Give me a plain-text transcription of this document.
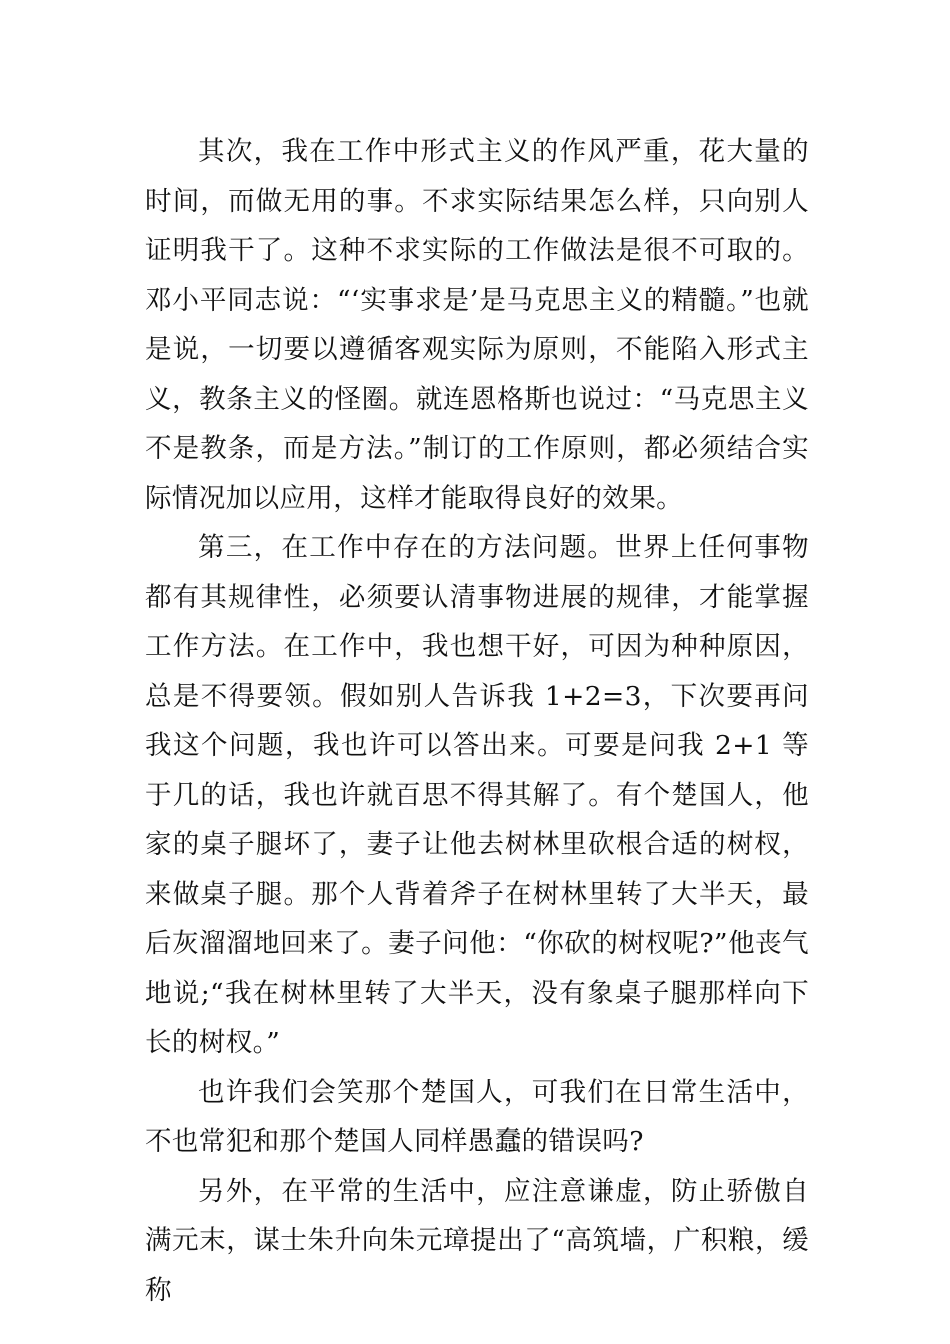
其次，我在工作中形式主义的作风严重，花大量的时间，而做无用的事。不求实际结果怎么样，只向别人证明我干了。这种不求实际的工作做法是很不可取的。邓小平同志说：“‘实事求是’是马克思主义的精髓。”也就是说，一切要以遵循客观实际为原则，不能陷入形式主义，教条主义的怪圈。就连恩格斯也说过：“马克思主义不是教条，而是方法。”制订的工作原则，都必须结合实际情况加以应用，这样才能取得良好的效果。

第三，在工作中存在的方法问题。世界上任何事物都有其规律性，必须要认清事物进展的规律，才能掌握工作方法。在工作中，我也想干好，可因为种种原因，总是不得要领。假如别人告诉我 1+2=3，下次要再问我这个问题，我也许可以答出来。可要是问我 2+1 等于几的话，我也许就百思不得其解了。有个楚国人，他家的桌子腿坏了，妻子让他去树林里砍根合适的树杈，来做桌子腿。那个人背着斧子在树林里转了大半天，最后灰溜溜地回来了。妻子问他：“你砍的树杈呢?”他丧气地说;“我在树林里转了大半天，没有象桌子腿那样向下长的树杈。”

也许我们会笑那个楚国人，可我们在日常生活中，不也常犯和那个楚国人同样愚蠢的错误吗?

另外，在平常的生活中，应注意谦虚，防止骄傲自满元末，谋士朱升向朱元璋提出了“高筑墙，广积粮，缓称
